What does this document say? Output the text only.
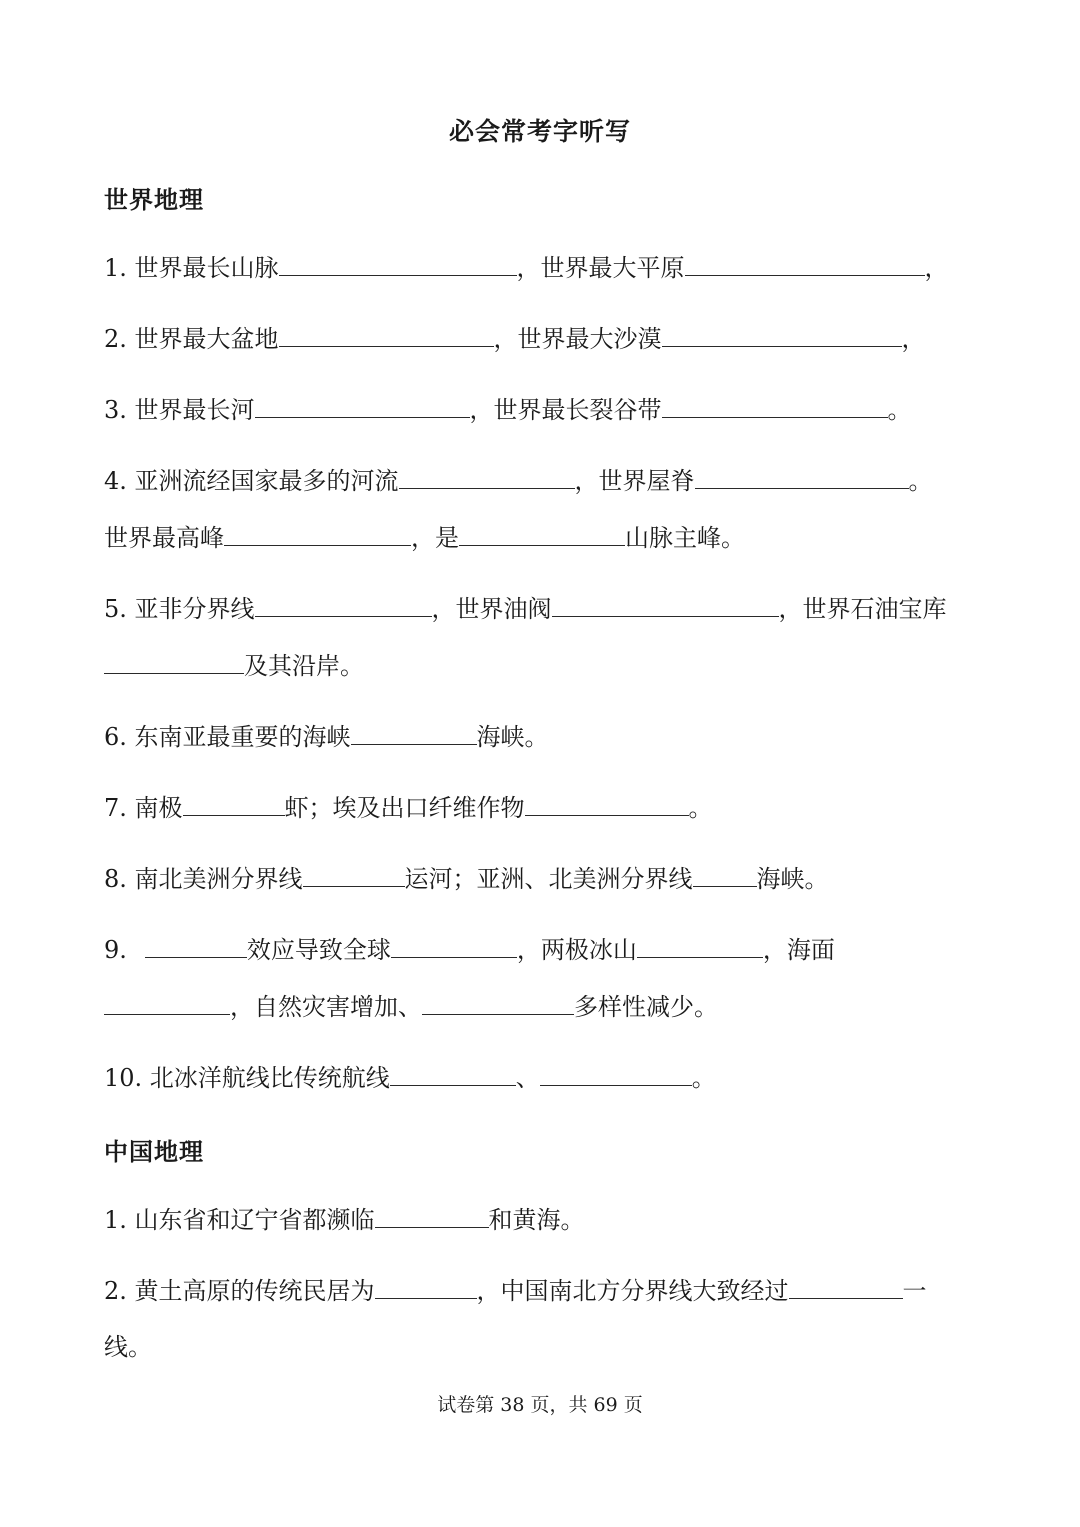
必会常考字听写
世界地理
1. 世界最长山脉	，世界最大平原	，
2. 世界最大盆地	，世界最大沙漠	，
3. 世界最长河	，世界最长裂谷带	。
4. 亚洲流经国家最多的河流	，世界屋脊	。
世界最高峰	，是	山脉主峰。
5. 亚非分界线	，世界油阀	，世界石油宝库
及其沿岸。
6. 东南亚最重要的海峡	海峡。
7. 南极	虾；埃及出口纤维作物	。
8. 南北美洲分界线	运河；亚洲、北美洲分界线	海峡。
9.	效应导致全球	，两极冰山	，海面
，自然灾害增加、	多样性减少。
10. 北冰洋航线比传统航线	、	。
中国地理
1. 山东省和辽宁省都濒临	和黄海。
2. 黄土高原的传统民居为	，中国南北方分界线大致经过	一
线。
试卷第 38 页，共 69 页
